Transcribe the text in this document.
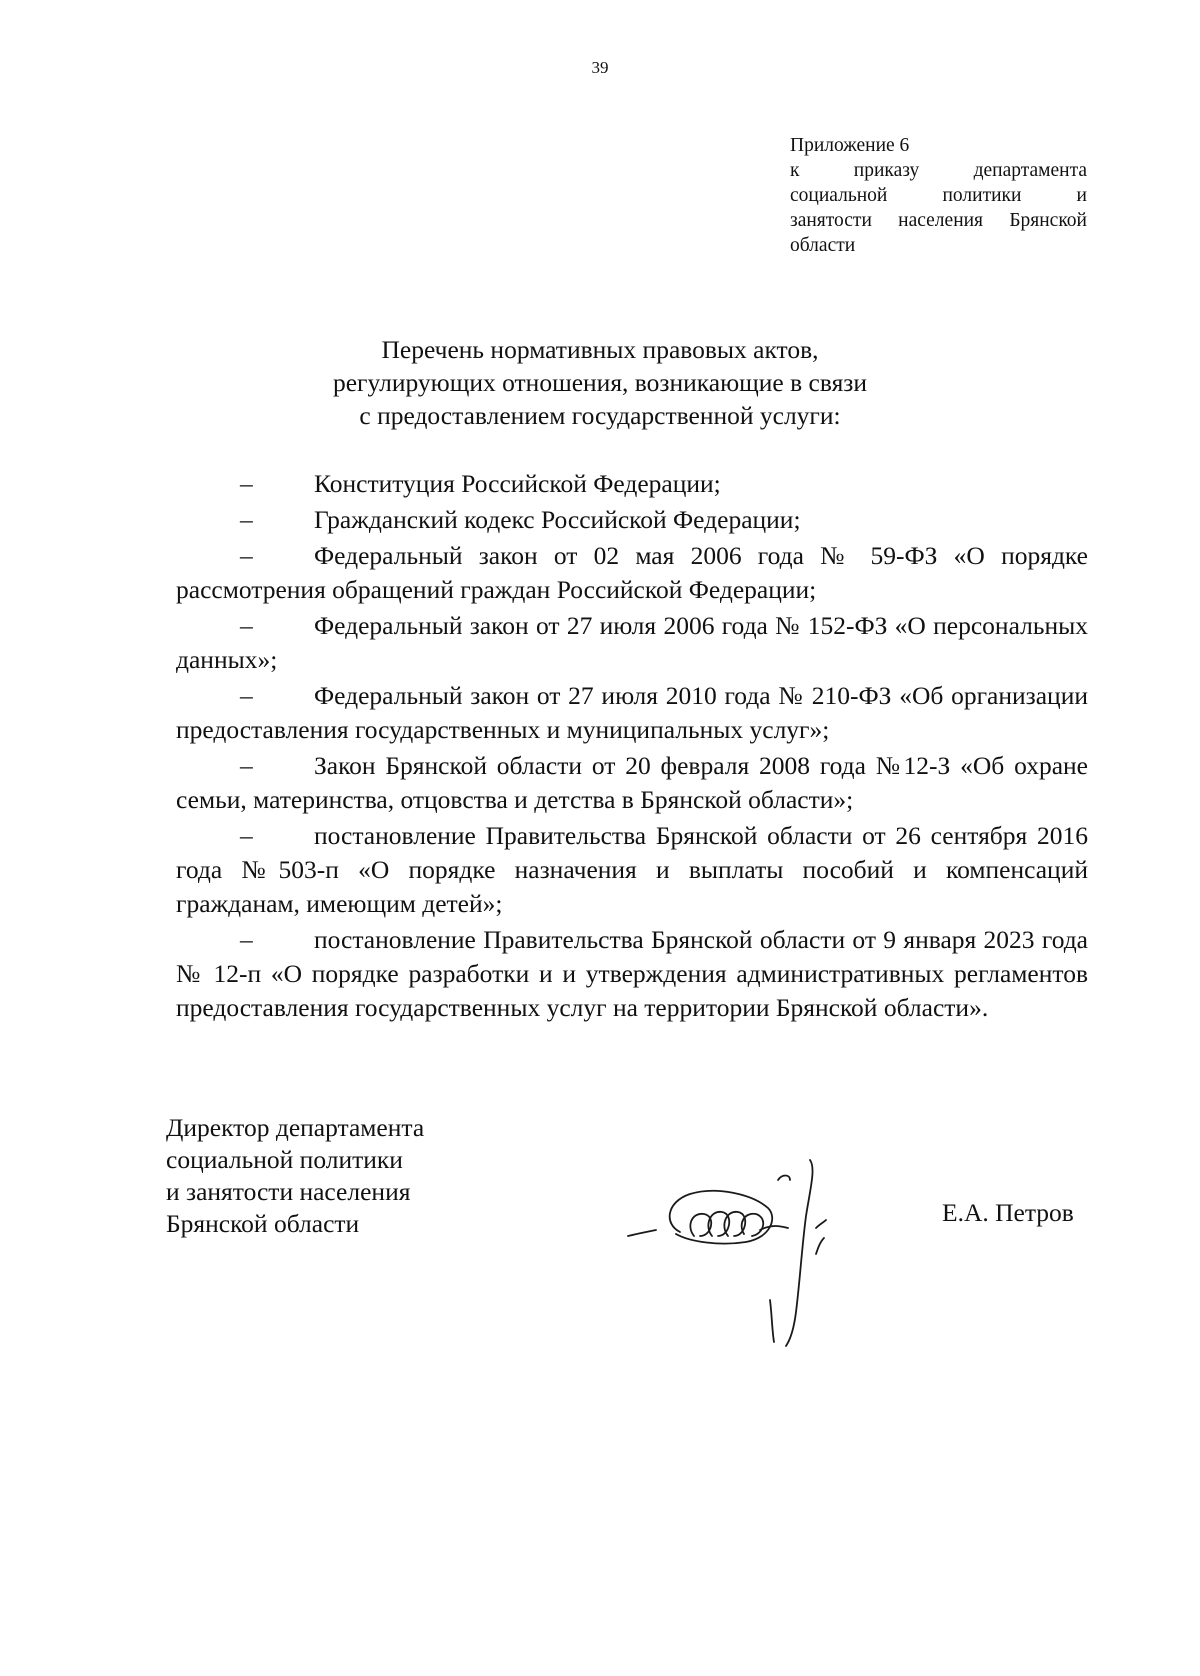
39
Приложение 6
к приказу департамента
социальной политики и
занятости населения Брянской
области
Перечень нормативных правовых актов,
регулирующих отношения, возникающие в связи
с предоставлением государственной услуги:
– Конституция Российской Федерации;
– Гражданский кодекс Российской Федерации;
– Федеральный закон от 02 мая 2006 года № 59-ФЗ «О порядке рассмотрения обращений граждан Российской Федерации;
– Федеральный закон от 27 июля 2006 года № 152-ФЗ «О персональных данных»;
– Федеральный закон от 27 июля 2010 года № 210-ФЗ «Об организации предоставления государственных и муниципальных услуг»;
– Закон Брянской области от 20 февраля 2008 года №12-З «Об охране семьи, материнства, отцовства и детства в Брянской области»;
– постановление Правительства Брянской области от 26 сентября 2016 года №503-п «О порядке назначения и выплаты пособий и компенсаций гражданам, имеющим детей»;
– постановление Правительства Брянской области от 9 января 2023 года № 12-п «О порядке разработки и и утверждения административных регламентов предоставления государственных услуг на территории Брянской области».
Директор департамента
социальной политики
и занятости населения
Брянской области	Е.А. Петров
